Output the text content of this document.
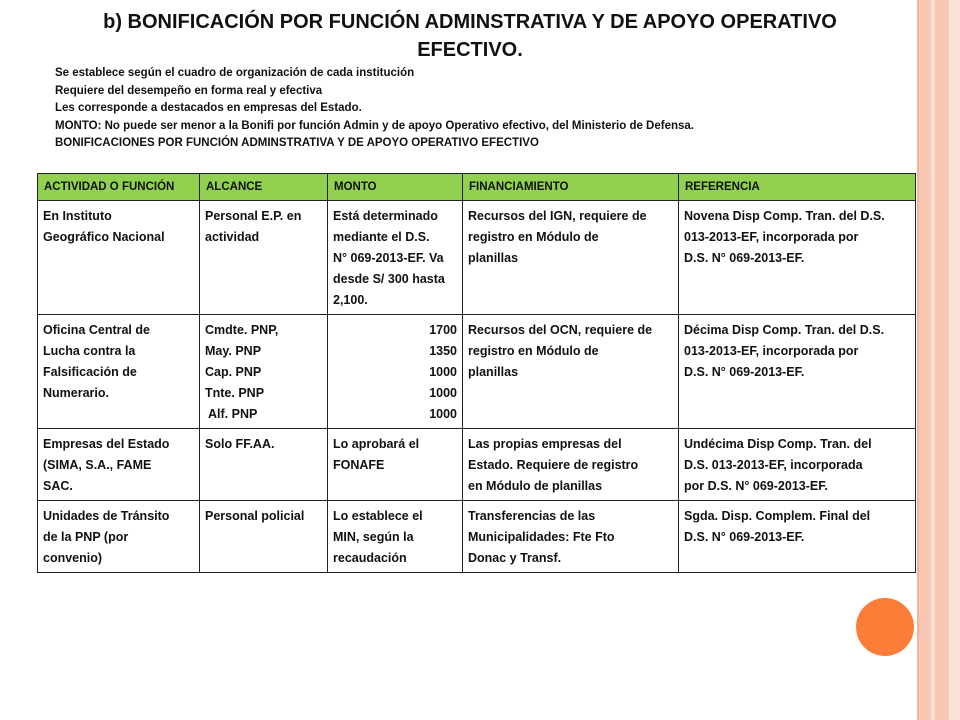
b) BONIFICACIÓN POR FUNCIÓN ADMINSTRATIVA Y DE APOYO OPERATIVO EFECTIVO.
Se establece según el cuadro de organización de cada institución
Requiere del desempeño en forma real y efectiva
Les corresponde a destacados en empresas del Estado.
MONTO: No puede ser menor a la Bonifi por función Admin y de apoyo Operativo efectivo, del Ministerio de Defensa.
BONIFICACIONES POR FUNCIÓN ADMINSTRATIVA Y DE APOYO OPERATIVO EFECTIVO
ACTIVIDAD O FUNCIÓN	ALCANCE	MONTO	FINANCIAMIENTO	REFERENCIA

En Instituto
Geográfico Nacional	Personal E.P. en
actividad	Está determinado
mediante el D.S.
N° 069-2013-EF. Va
desde S/ 300 hasta
2,100.	Recursos del IGN, requiere de
registro en Módulo de
planillas	Novena Disp Comp. Tran. del D.S.
013-2013-EF, incorporada por
D.S. N° 069-2013-EF.

Oficina Central de
Lucha contra la
Falsificación de
Numerario.	Cmdte. PNP,
May. PNP
Cap. PNP
Tnte. PNP
Alf. PNP	1700
1350
1000
1000
1000	Recursos del OCN, requiere de
registro en Módulo de
planillas	Décima Disp Comp. Tran. del D.S.
013-2013-EF, incorporada por
D.S. N° 069-2013-EF.

Empresas del Estado
(SIMA, S.A., FAME
SAC.	Solo FF.AA.	Lo aprobará el
FONAFE	Las propias empresas del
Estado. Requiere de registro
en Módulo de planillas	Undécima Disp Comp. Tran. del
D.S. 013-2013-EF, incorporada
por D.S. N° 069-2013-EF.

Unidades de Tránsito
de la PNP (por
convenio)	Personal policial	Lo establece el
MIN, según la
recaudación	Transferencias de las
Municipalidades: Fte Fto
Donac y Transf.	Sgda. Disp. Complem. Final del
D.S. N° 069-2013-EF.
